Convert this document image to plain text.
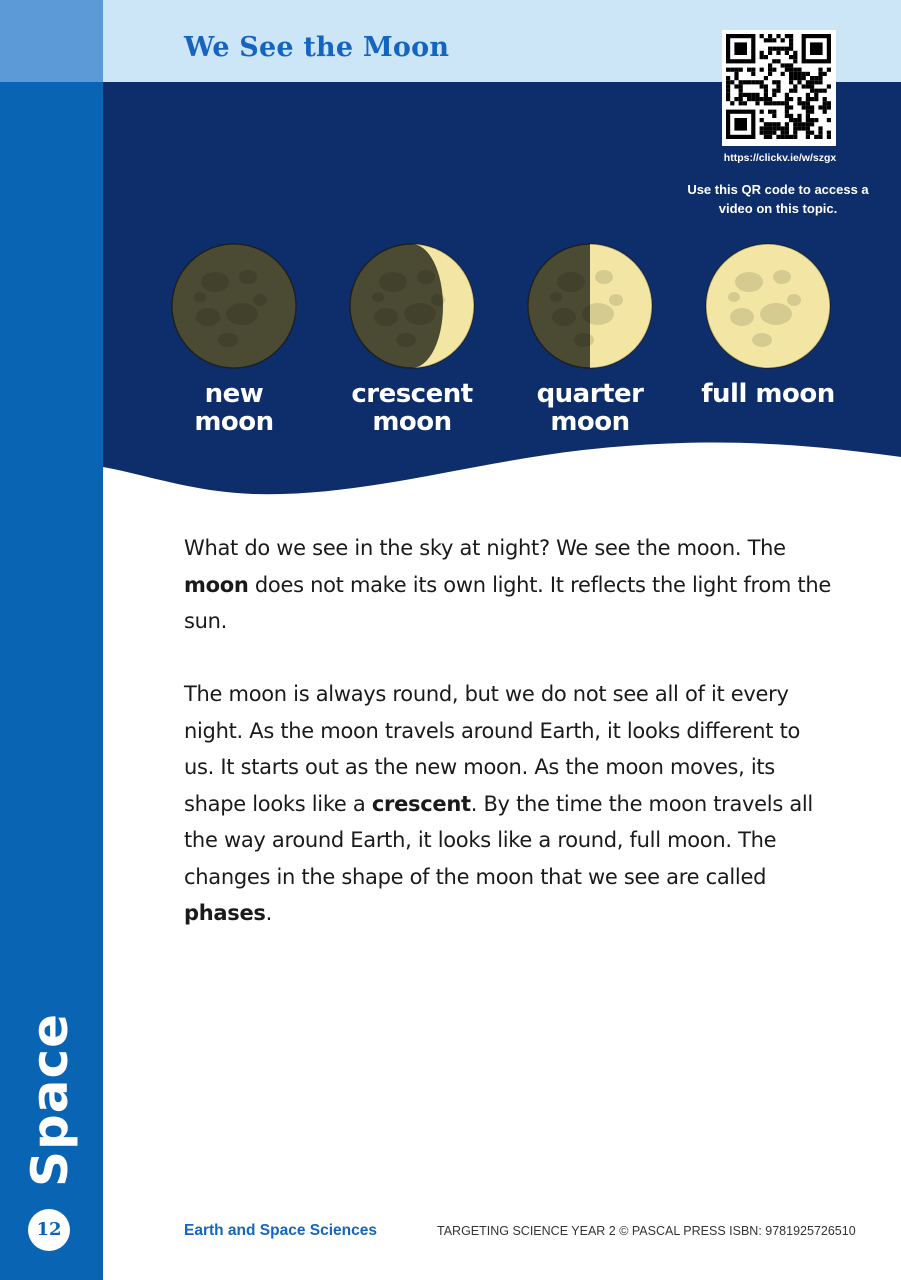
We See the Moon
https://clickv.ie/w/szgx
Use this QR code to access a video on this topic.
new
moon
crescent
moon
quarter
moon
full moon
What do we see in the sky at night? We see the moon. The moon does not make its own light. It reflects the light from the sun.
The moon is always round, but we do not see all of it every night. As the moon travels around Earth, it looks different to us. It starts out as the new moon. As the moon moves, its shape looks like a crescent. By the time the moon travels all the way around Earth, it looks like a round, full moon. The changes in the shape of the moon that we see are called phases.
Space
12	Earth and Space Sciences	TARGETING SCIENCE YEAR 2 © PASCAL PRESS ISBN: 9781925726510
